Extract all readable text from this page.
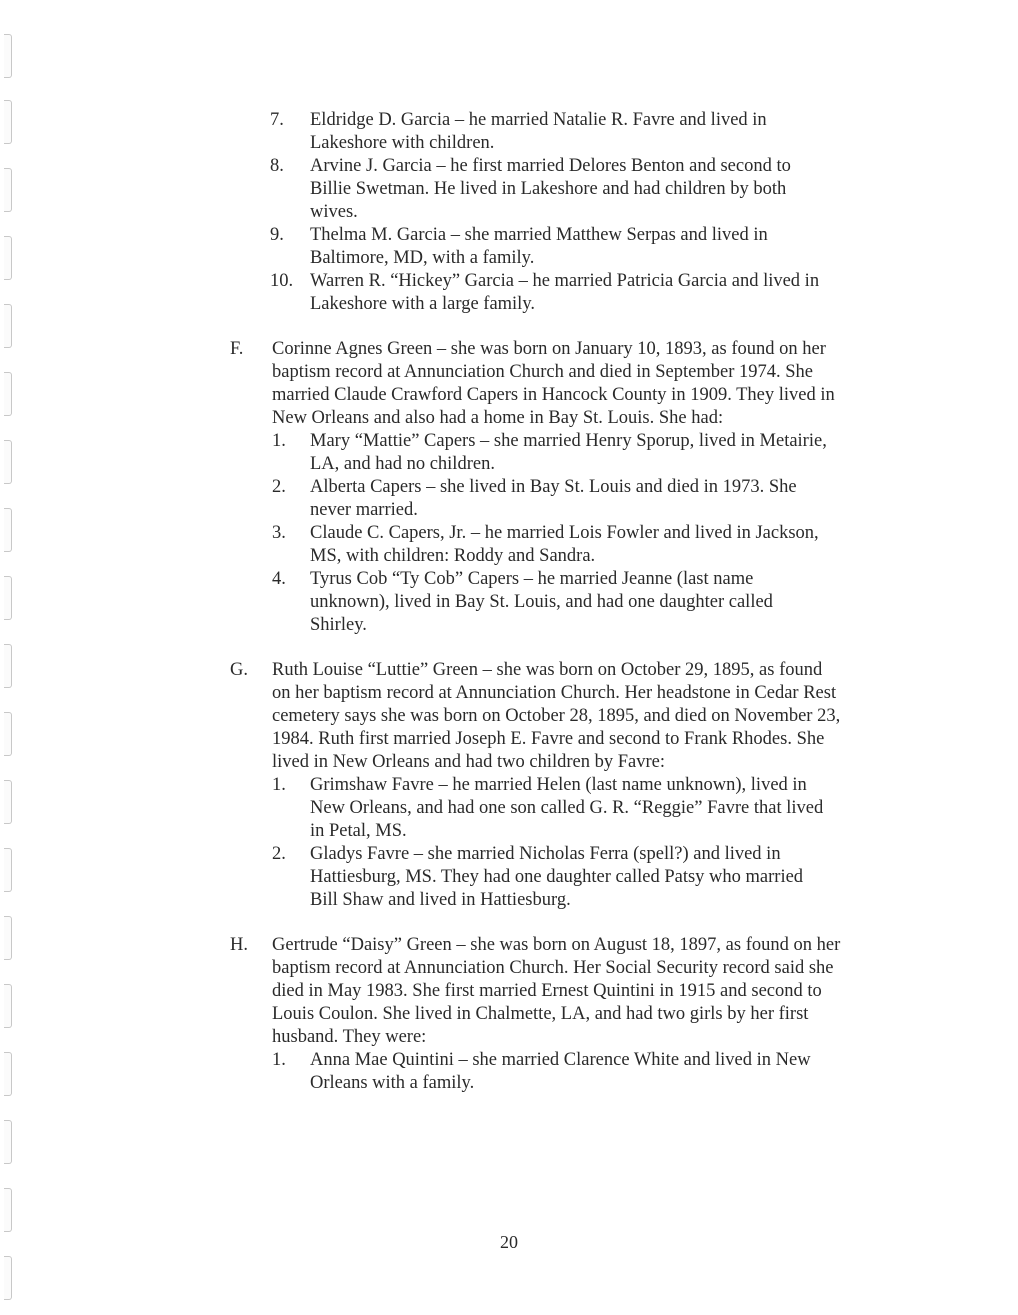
7.	Eldridge D. Garcia – he married Natalie R. Favre and lived in Lakeshore with children.
8.	Arvine J. Garcia – he first married Delores Benton and second to Billie Swetman. He lived in Lakeshore and had children by both wives.
9.	Thelma M. Garcia – she married Matthew Serpas and lived in Baltimore, MD, with a family.
10. Warren R. “Hickey” Garcia – he married Patricia Garcia and lived in Lakeshore with a large family.
F. Corinne Agnes Green – she was born on January 10, 1893, as found on her baptism record at Annunciation Church and died in September 1974. She married Claude Crawford Capers in Hancock County in 1909. They lived in New Orleans and also had a home in Bay St. Louis. She had:
1. Mary “Mattie” Capers – she married Henry Sporup, lived in Metairie, LA, and had no children.
2. Alberta Capers – she lived in Bay St. Louis and died in 1973. She never married.
3. Claude C. Capers, Jr. – he married Lois Fowler and lived in Jackson, MS, with children: Roddy and Sandra.
4. Tyrus Cob “Ty Cob” Capers – he married Jeanne (last name unknown), lived in Bay St. Louis, and had one daughter called Shirley.
G. Ruth Louise “Luttie” Green – she was born on October 29, 1895, as found on her baptism record at Annunciation Church. Her headstone in Cedar Rest cemetery says she was born on October 28, 1895, and died on November 23, 1984. Ruth first married Joseph E. Favre and second to Frank Rhodes. She lived in New Orleans and had two children by Favre:
1. Grimshaw Favre – he married Helen (last name unknown), lived in New Orleans, and had one son called G. R. “Reggie” Favre that lived in Petal, MS.
2. Gladys Favre – she married Nicholas Ferra (spell?) and lived in Hattiesburg, MS. They had one daughter called Patsy who married Bill Shaw and lived in Hattiesburg.
H. Gertrude “Daisy” Green – she was born on August 18, 1897, as found on her baptism record at Annunciation Church. Her Social Security record said she died in May 1983. She first married Ernest Quintini in 1915 and second to Louis Coulon. She lived in Chalmette, LA, and had two girls by her first husband. They were:
1. Anna Mae Quintini – she married Clarence White and lived in New Orleans with a family.
20
